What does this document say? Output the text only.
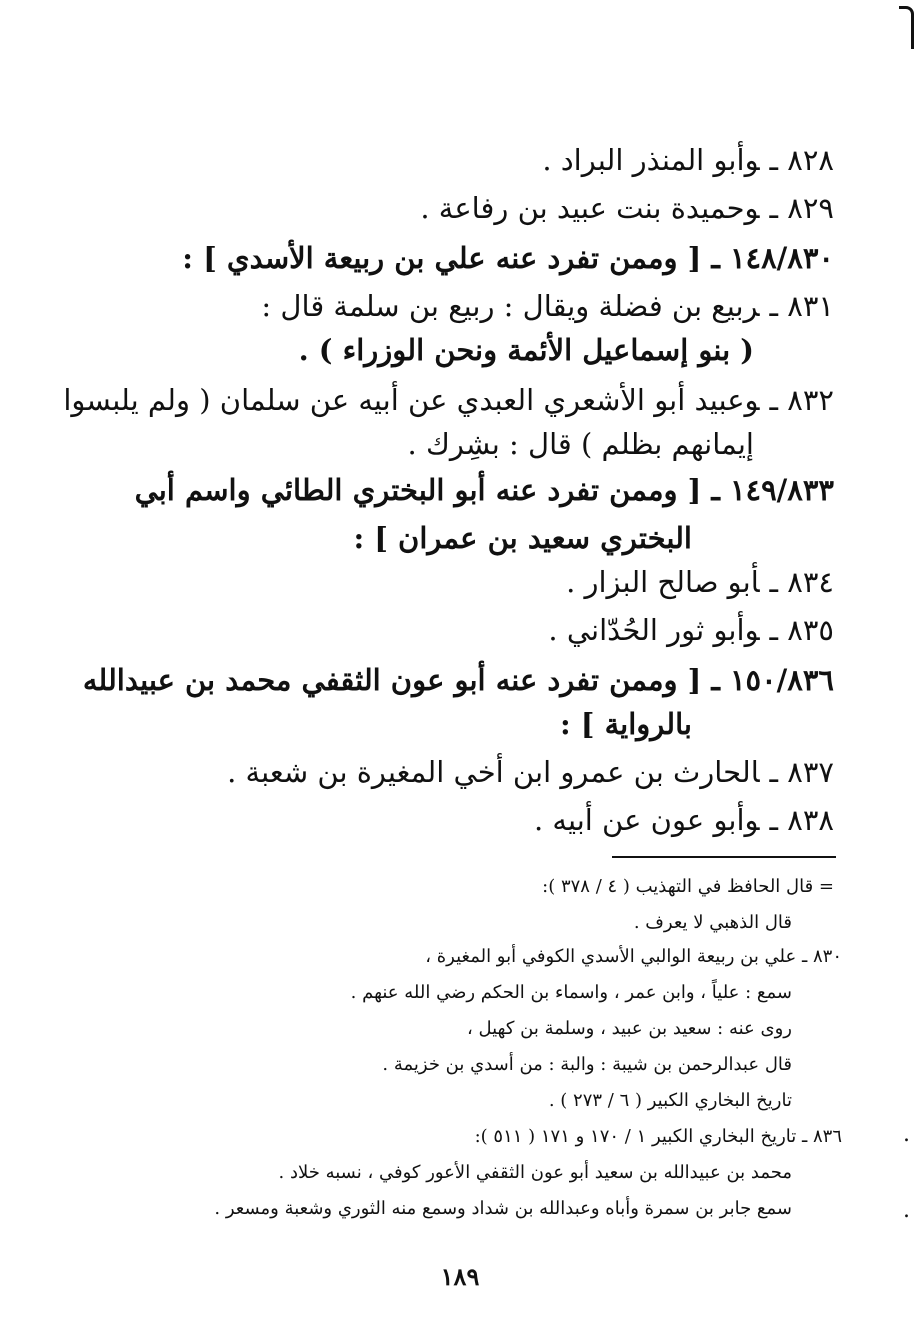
٨٢٨ ـوأبو المنذر البراد .
٨٢٩ ـوحميدة بنت عبيد بن رفاعة .
١٤٨/٨٣٠ ـ[ وممن تفرد عنه علي بن ربيعة الأسدي ] :
٨٣١ ـربيع بن فضلة ويقال : ربيع بن سلمة قال :
( بنو إسماعيل الأئمة ونحن الوزراء ) .
٨٣٢ ـوعبيد أبو الأشعري العبدي عن أبيه عن سلمان ( ولم يلبسوا
إيمانهم بظلم ) قال : بشِرك .
١٤٩/٨٣٣ ـ[ وممن تفرد عنه أبو البختري الطائي واسم أبي
البختري سعيد بن عمران ] :
٨٣٤ ـأبو صالح البزار .
٨٣٥ ـوأبو ثور الحُدّاني .
١٥٠/٨٣٦ ـ[ وممن تفرد عنه أبو عون الثقفي محمد بن عبيدالله
بالرواية ] :
٨٣٧ ـالحارث بن عمرو ابن أخي المغيرة بن شعبة .
٨٣٨ ـوأبو عون عن أبيه .
= قال الحافظ في التهذيب ( ٤ / ٣٧٨ ):
قال الذهبي لا يعرف .
٨٣٠ ـ علي بن ربيعة الوالبي الأسدي الكوفي أبو المغيرة ،
سمع : علياً ، وابن عمر ، واسماء بن الحكم رضي الله عنهم .
روى عنه : سعيد بن عبيد ، وسلمة بن كهيل ،
قال عبدالرحمن بن شيبة : والبة : من أسدي بن خزيمة .
تاريخ البخاري الكبير ( ٦ / ٢٧٣ ) .
٨٣٦ ـ تاريخ البخاري الكبير ١ / ١٧٠ و ١٧١ ( ٥١١ ):
محمد بن عبيدالله بن سعيد أبو عون الثقفي الأعور كوفي ، نسبه خلاد .
سمع جابر بن سمرة وأباه وعبدالله بن شداد وسمع منه الثوري وشعبة ومسعر .
.
.
١٨٩
